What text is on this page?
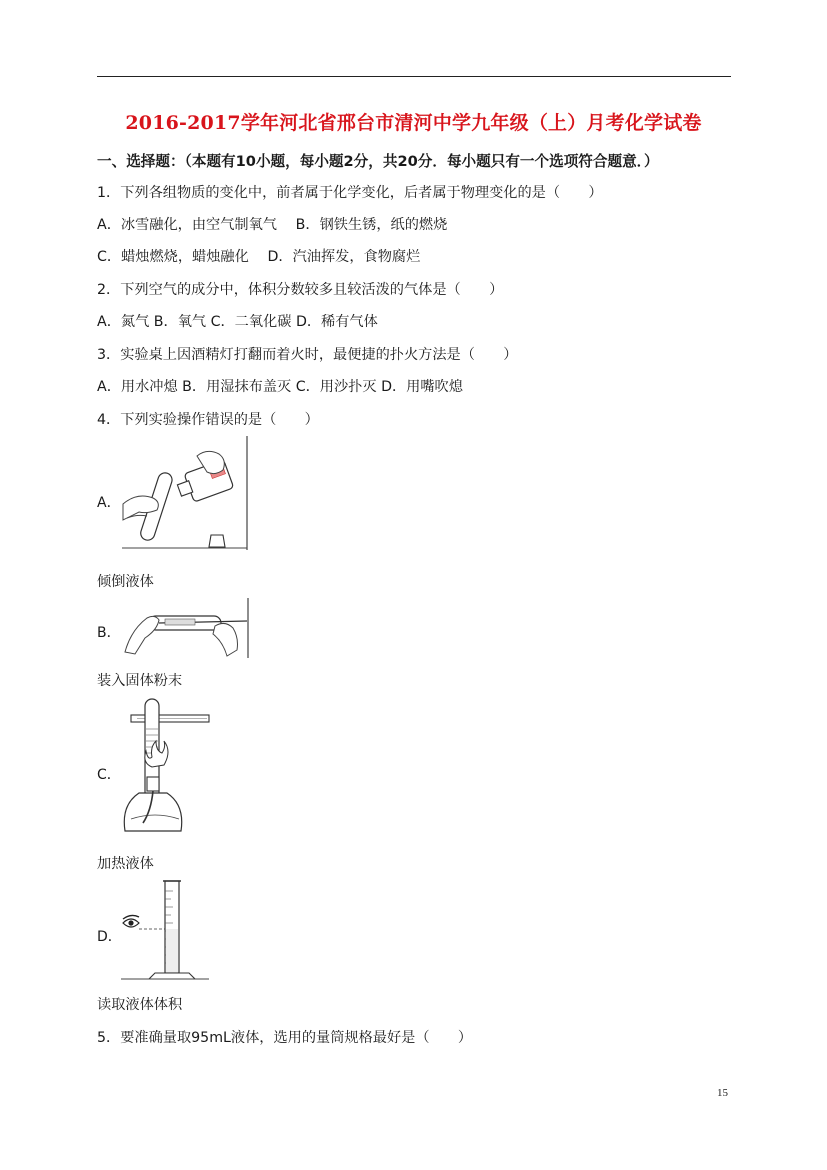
2016-2017学年河北省邢台市清河中学九年级（上）月考化学试卷
一、选择题：（本题有10小题，每小题2分，共20分．每小题只有一个选项符合题意．）
1．下列各组物质的变化中，前者属于化学变化，后者属于物理变化的是（　　）
A．冰雪融化，由空气制氧气　 B．钢铁生锈，纸的燃烧
C．蜡烛燃烧，蜡烛融化　 D．汽油挥发，食物腐烂
2．下列空气的成分中，体积分数较多且较活泼的气体是（　　）
A．氮气 B．氧气 C．二氧化碳 D．稀有气体
3．实验桌上因酒精灯打翻而着火时，最便捷的扑火方法是（　　）
A．用水冲熄 B．用湿抹布盖灭 C．用沙扑灭 D．用嘴吹熄
4．下列实验操作错误的是（　　）
A．
倾倒液体
B．
装入固体粉末
C．
加热液体
D．
读取液体体积
5．要准确量取95mL液体，选用的量筒规格最好是（　　）
15
